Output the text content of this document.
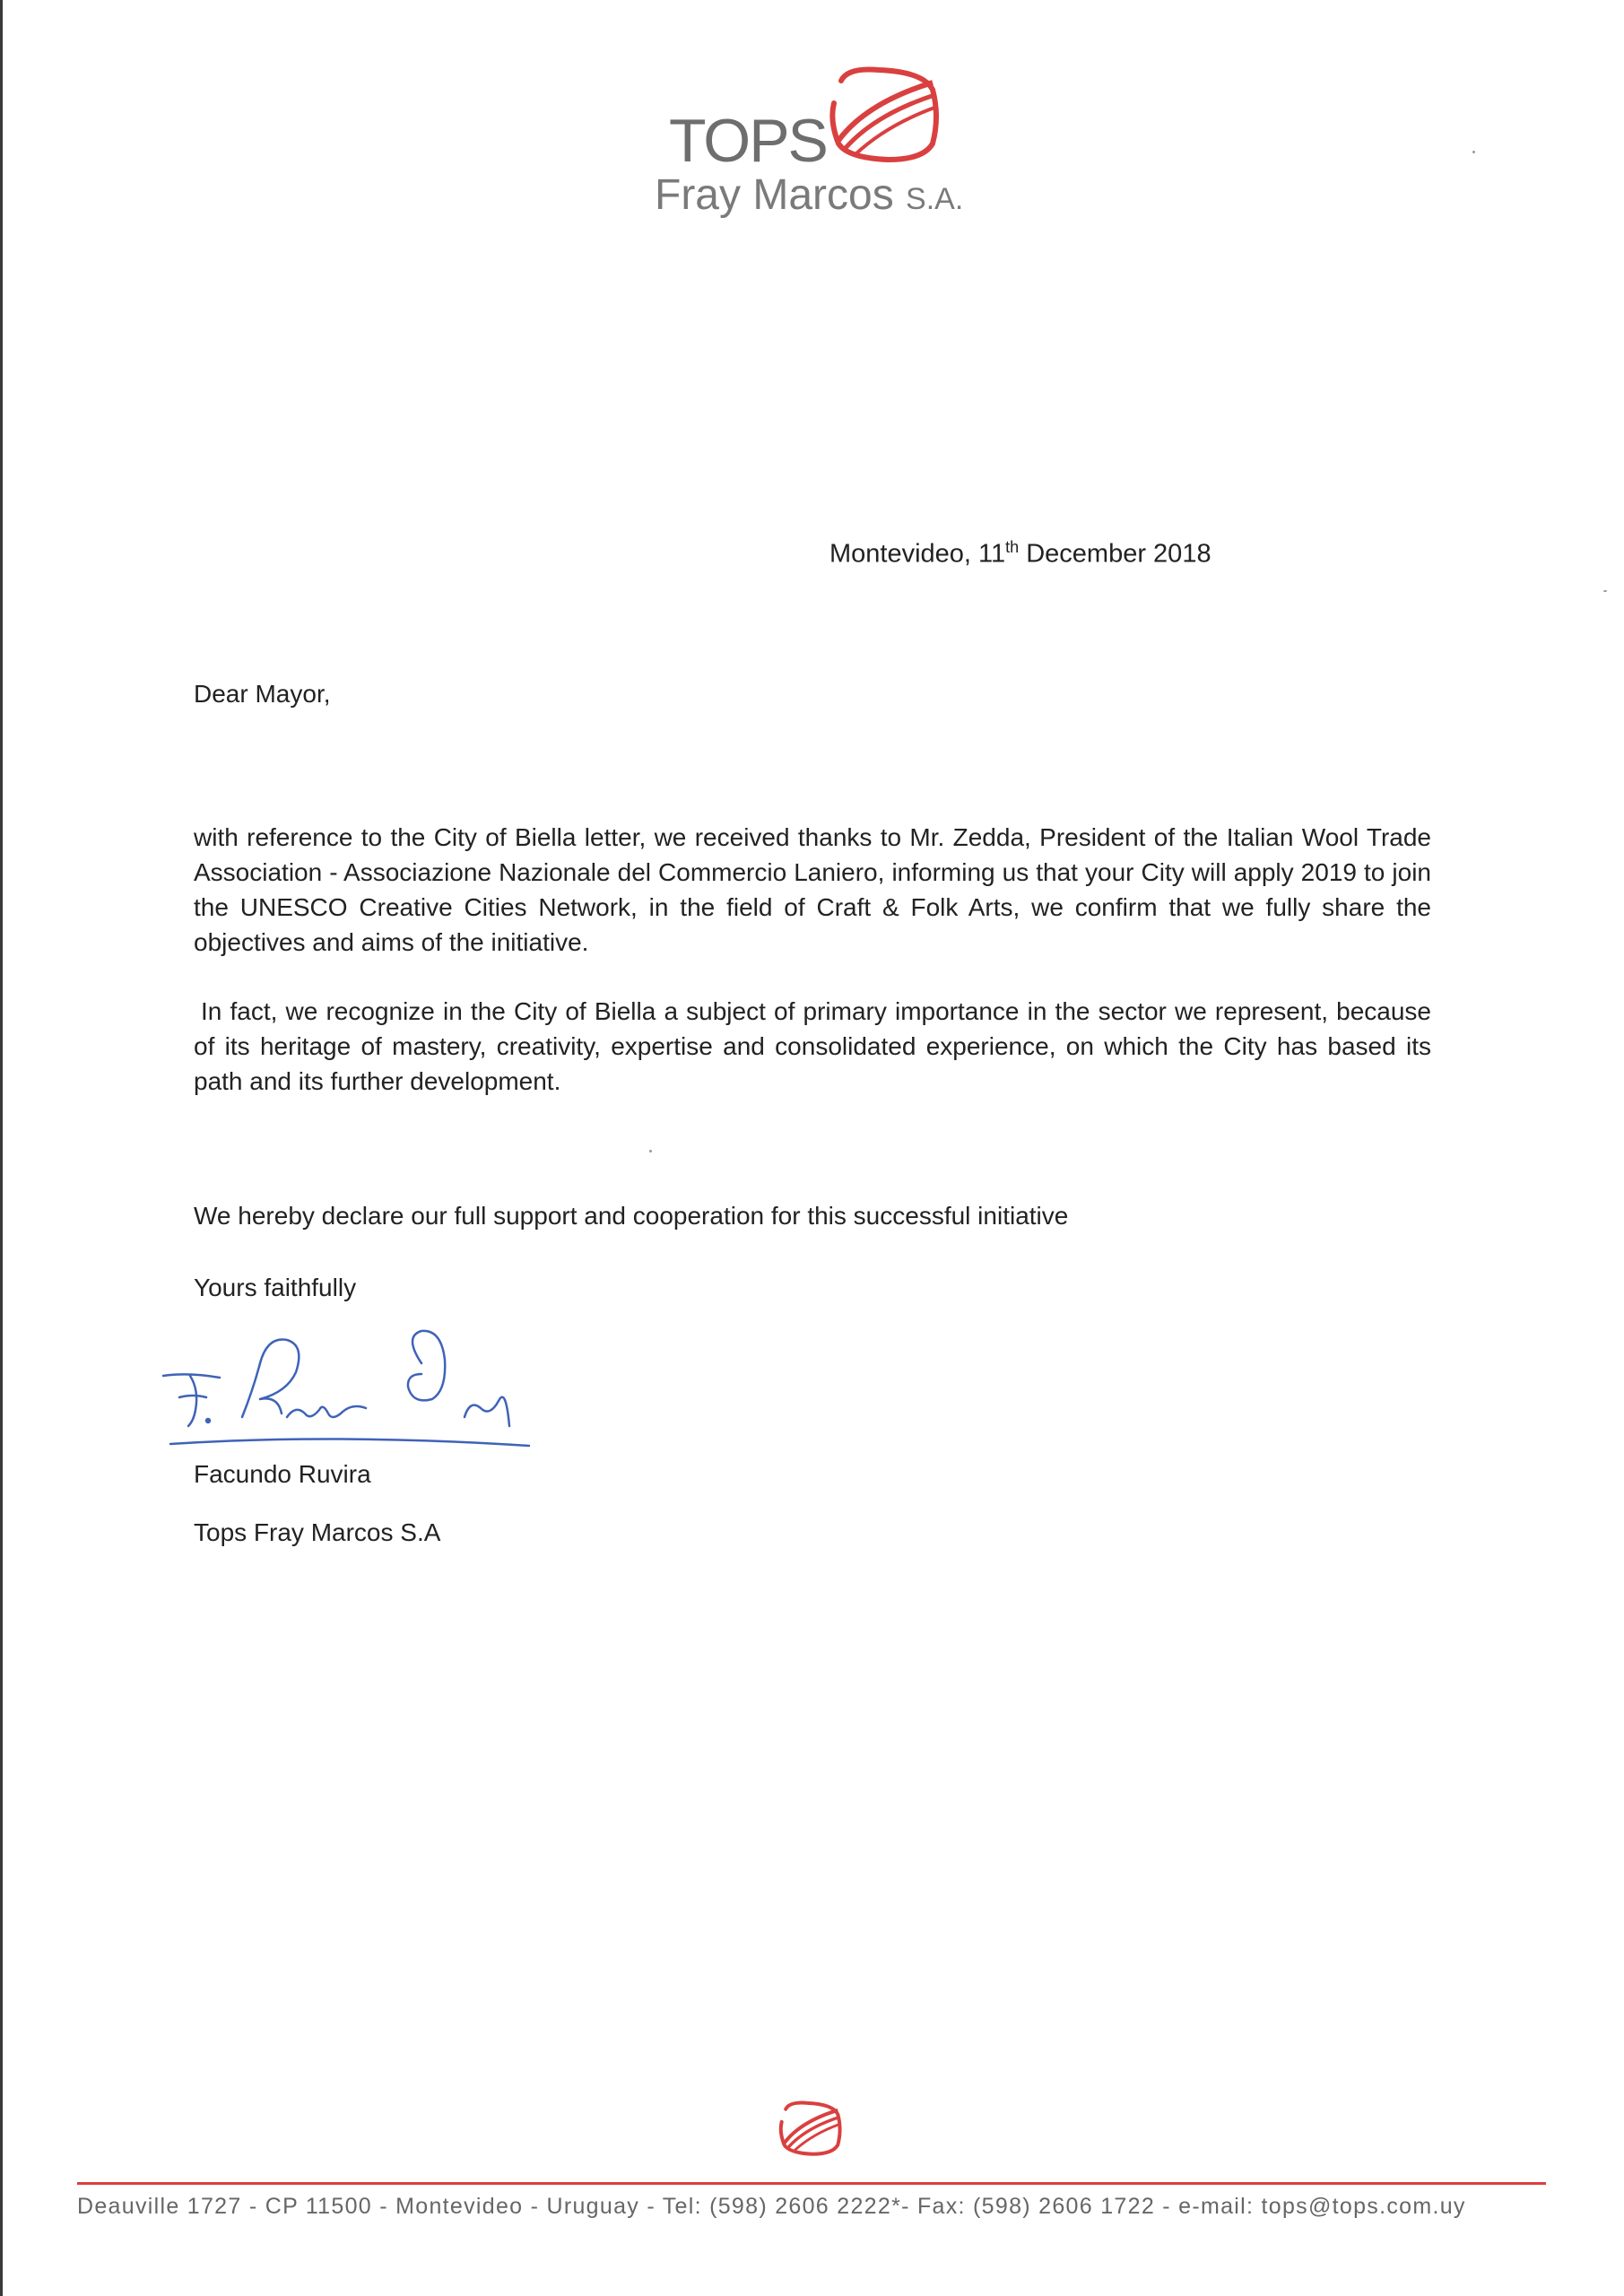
TOPS
Fray Marcos S.A.
Montevideo, 11th December 2018
Dear Mayor,
with reference to the City of Biella letter, we received thanks to Mr. Zedda, President of the Italian Wool Trade Association - Associazione Nazionale del Commercio Laniero, informing us that your City will apply 2019 to join the UNESCO Creative Cities Network, in the field of Craft & Folk Arts, we confirm that we fully share the objectives and aims of the initiative.
In fact, we recognize in the City of Biella a subject of primary importance in the sector we represent, because of its heritage of mastery, creativity, expertise and consolidated experience, on which the City has based its path and its further development.
We hereby declare our full support and cooperation for this successful initiative
Yours faithfully
Facundo Ruvira
Tops Fray Marcos S.A
Deauville 1727 - CP 11500 - Montevideo - Uruguay - Tel: (598) 2606 2222*- Fax: (598) 2606 1722 - e-mail: tops@tops.com.uy
